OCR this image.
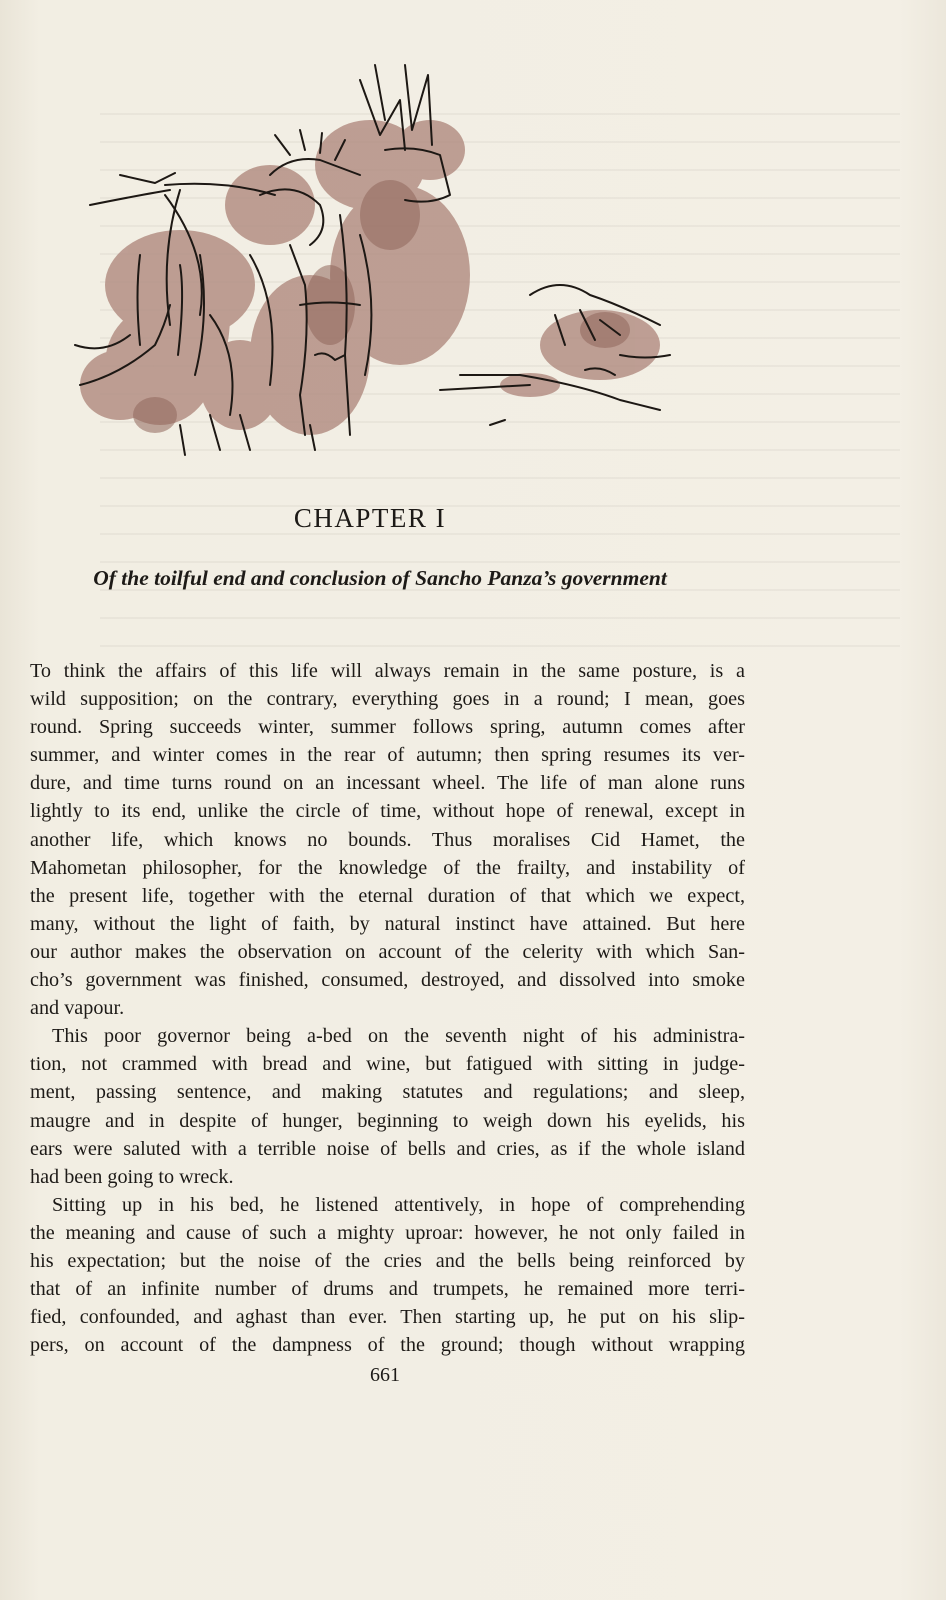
CHAPTER I
Of the toilful end and conclusion of Sancho Panza’s government

To think the affairs of this life will always remain in the same posture, is a
wild supposition; on the contrary, everything goes in a round; I mean, goes
round. Spring succeeds winter, summer follows spring, autumn comes after
summer, and winter comes in the rear of autumn; then spring resumes its ver-
dure, and time turns round on an incessant wheel. The life of man alone runs
lightly to its end, unlike the circle of time, without hope of renewal, except in
another life, which knows no bounds. Thus moralises Cid Hamet, the
Mahometan philosopher, for the knowledge of the frailty, and instability of
the present life, together with the eternal duration of that which we expect,
many, without the light of faith, by natural instinct have attained. But here
our author makes the observation on account of the celerity with which San-
cho’s government was finished, consumed, destroyed, and dissolved into smoke
and vapour.

This poor governor being a-bed on the seventh night of his administra-
tion, not crammed with bread and wine, but fatigued with sitting in judge-
ment, passing sentence, and making statutes and regulations; and sleep,
maugre and in despite of hunger, beginning to weigh down his eyelids, his
ears were saluted with a terrible noise of bells and cries, as if the whole island
had been going to wreck.

Sitting up in his bed, he listened attentively, in hope of comprehending
the meaning and cause of such a mighty uproar: however, he not only failed in
his expectation; but the noise of the cries and the bells being reinforced by
that of an infinite number of drums and trumpets, he remained more terri-
fied, confounded, and aghast than ever. Then starting up, he put on his slip-
pers, on account of the dampness of the ground; though without wrapping

661
